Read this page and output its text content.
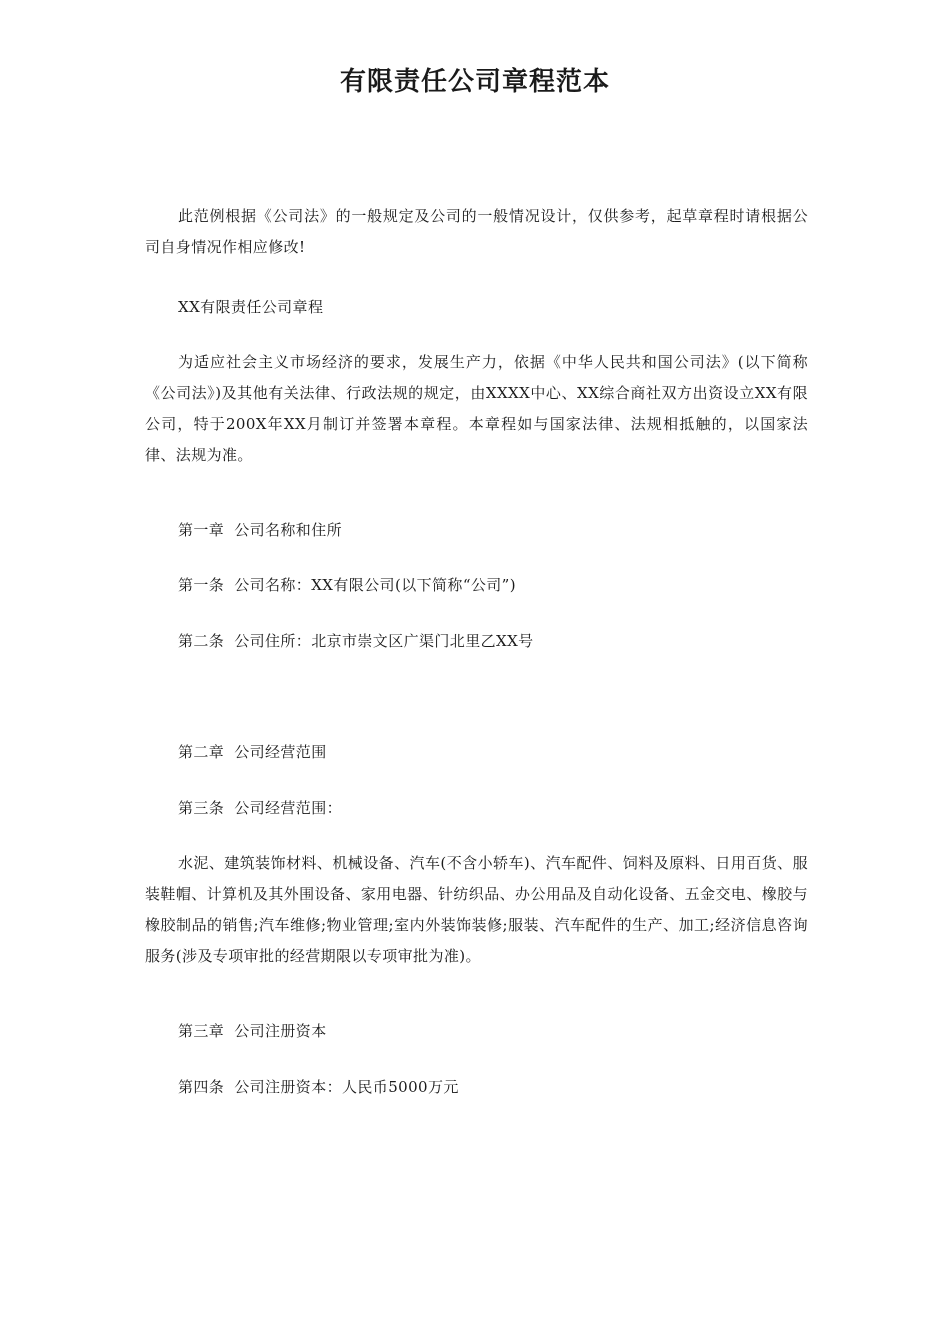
有限责任公司章程范本

此范例根据《公司法》的一般规定及公司的一般情况设计，仅供参考，起草章程时请根据公司自身情况作相应修改!

XX有限责任公司章程

为适应社会主义市场经济的要求，发展生产力，依据《中华人民共和国公司法》(以下简称《公司法》)及其他有关法律、行政法规的规定，由XXXX中心、XX综合商社双方出资设立XX有限公司，特于200X年XX月制订并签署本章程。本章程如与国家法律、法规相抵触的，以国家法律、法规为准。

第一章 公司名称和住所

第一条 公司名称：XX有限公司(以下简称“公司”)

第二条 公司住所：北京市崇文区广渠门北里乙XX号

第二章 公司经营范围

第三条 公司经营范围：

水泥、建筑装饰材料、机械设备、汽车(不含小轿车)、汽车配件、饲料及原料、日用百货、服装鞋帽、计算机及其外围设备、家用电器、针纺织品、办公用品及自动化设备、五金交电、橡胶与橡胶制品的销售;汽车维修;物业管理;室内外装饰装修;服装、汽车配件的生产、加工;经济信息咨询服务(涉及专项审批的经营期限以专项审批为准)。

第三章 公司注册资本

第四条 公司注册资本：人民币5000万元
